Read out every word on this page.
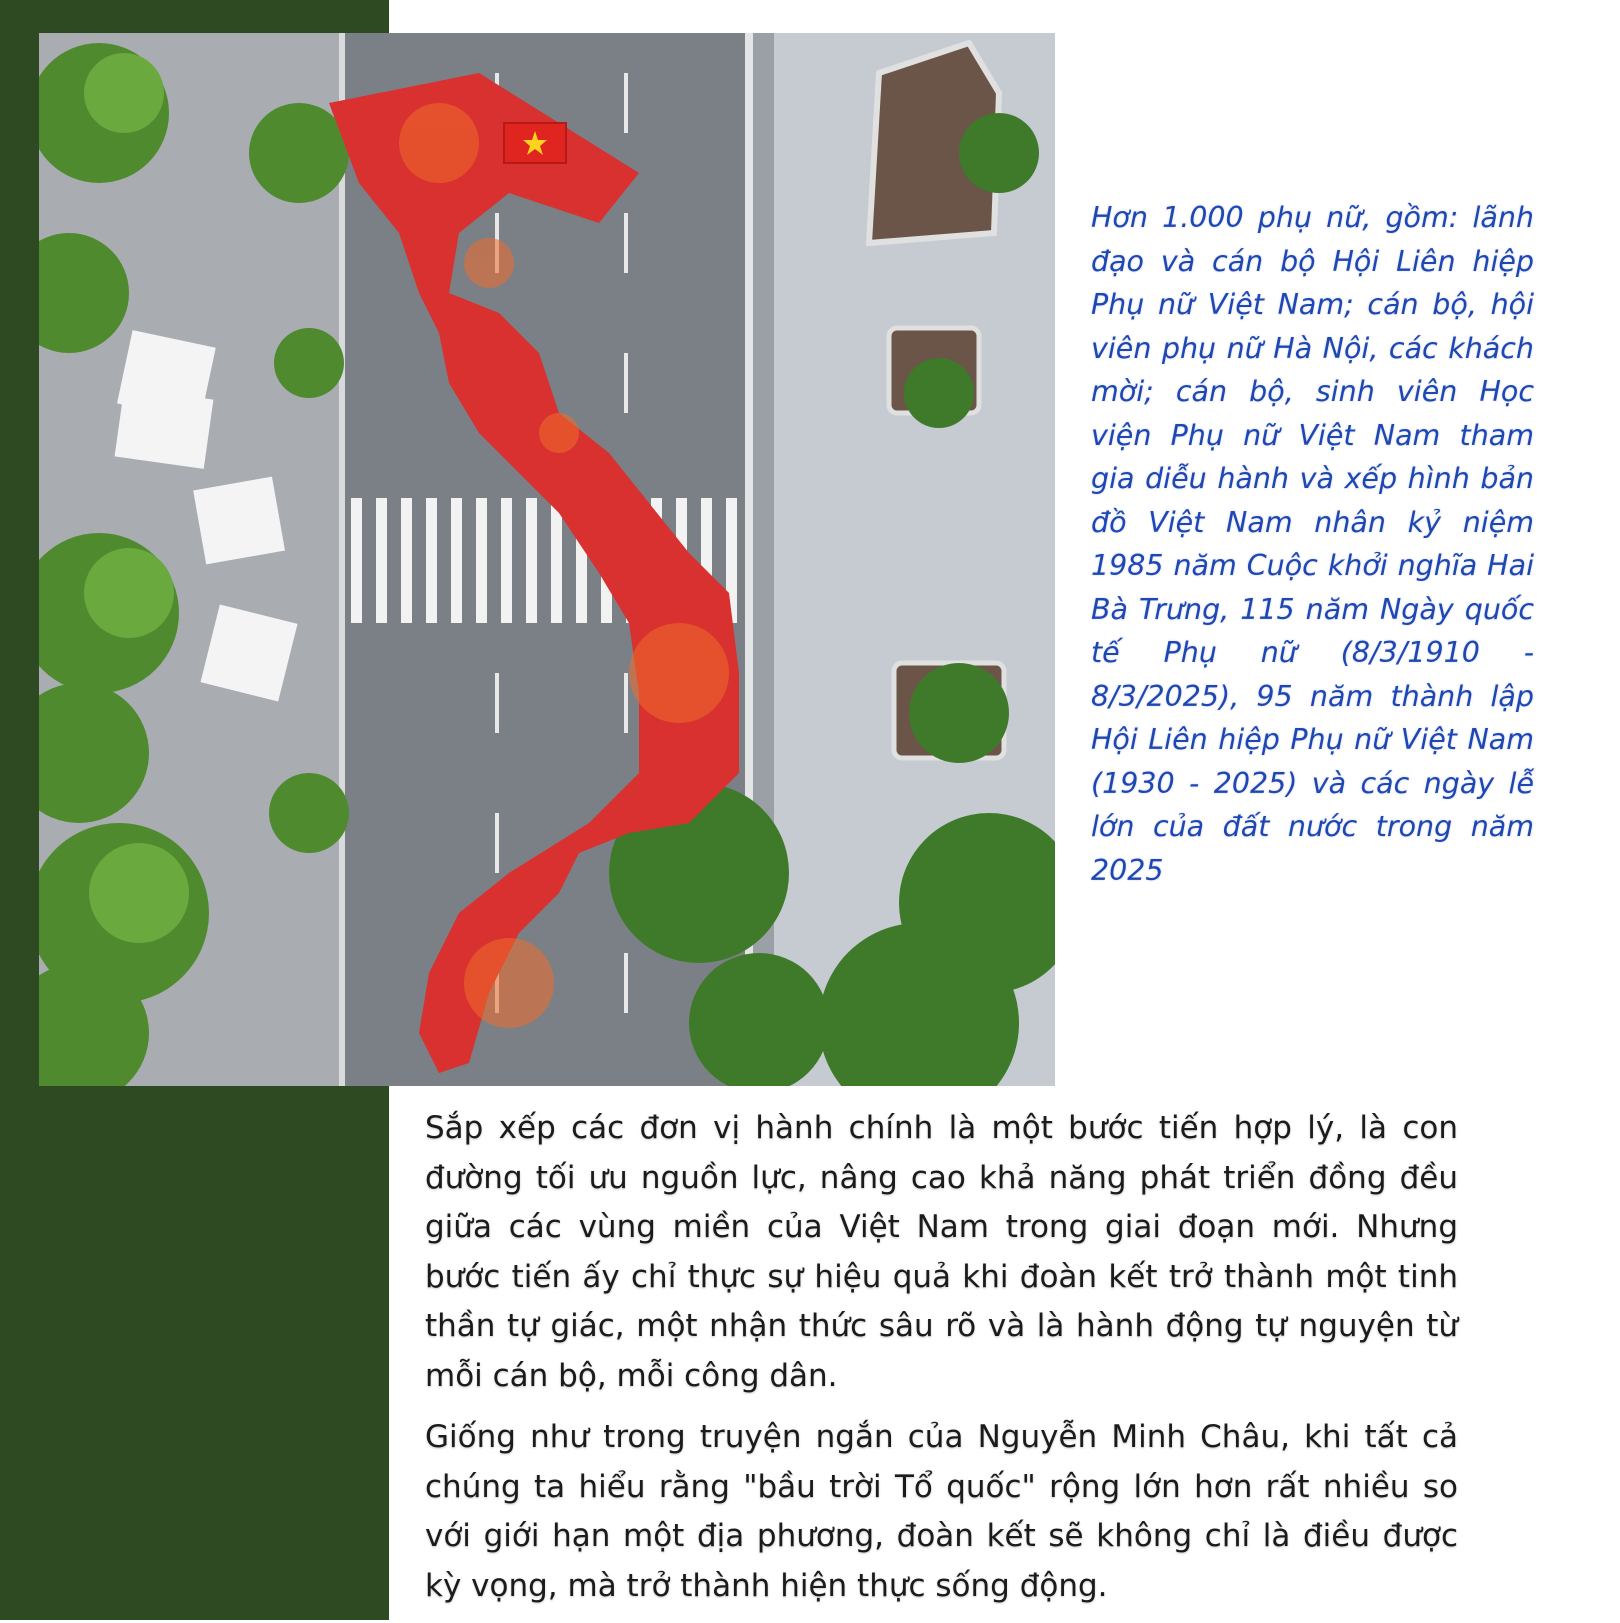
Hơn 1.000 phụ nữ, gồm: lãnh đạo và cán bộ Hội Liên hiệp Phụ nữ Việt Nam; cán bộ, hội viên phụ nữ Hà Nội, các khách mời; cán bộ, sinh viên Học viện Phụ nữ Việt Nam tham gia diễu hành và xếp hình bản đồ Việt Nam nhân kỷ niệm 1985 năm Cuộc khởi nghĩa Hai Bà Trưng, 115 năm Ngày quốc tế Phụ nữ (8/3/1910 - 8/3/2025), 95 năm thành lập Hội Liên hiệp Phụ nữ Việt Nam (1930 - 2025) và các ngày lễ lớn của đất nước trong năm 2025

Sắp xếp các đơn vị hành chính là một bước tiến hợp lý, là con đường tối ưu nguồn lực, nâng cao khả năng phát triển đồng đều giữa các vùng miền của Việt Nam trong giai đoạn mới. Nhưng bước tiến ấy chỉ thực sự hiệu quả khi đoàn kết trở thành một tinh thần tự giác, một nhận thức sâu rõ và là hành động tự nguyện từ mỗi cán bộ, mỗi công dân.

Giống như trong truyện ngắn của Nguyễn Minh Châu, khi tất cả chúng ta hiểu rằng "bầu trời Tổ quốc" rộng lớn hơn rất nhiều so với giới hạn một địa phương, đoàn kết sẽ không chỉ là điều được kỳ vọng, mà trở thành hiện thực sống động.
